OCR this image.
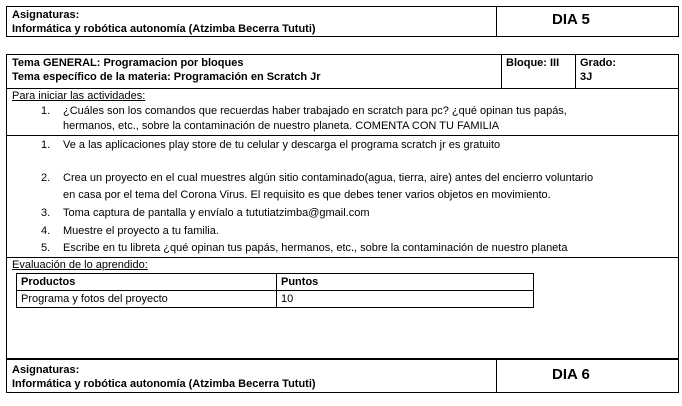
Asignaturas:
Informática y robótica autonomía (Atzimba Becerra Tututi)
DIA 5
Tema GENERAL: Programacion por bloques
Tema específico de la materia: Programación en Scratch Jr
Bloque: III Grado:
3J
Para iniciar las actividades:
1. ¿Cuáles son los comandos que recuerdas haber trabajado en scratch para pc? ¿qué opinan tus papás,
hermanos, etc., sobre la contaminación de nuestro planeta. COMENTA CON TU FAMILIA
1. Ve a las aplicaciones play store de tu celular y descarga el programa scratch jr es gratuito
2. Crea un proyecto en el cual muestres algún sitio contaminado(agua, tierra, aire) antes del encierro voluntario
en casa por el tema del Corona Virus. El requisito es que debes tener varios objetos en movimiento.
3. Toma captura de pantalla y envíalo a tututiatzimba@gmail.com
4. Muestre el proyecto a tu familia.
5. Escribe en tu libreta ¿qué opinan tus papás, hermanos, etc., sobre la contaminación de nuestro planeta
Evaluación de lo aprendido:
Productos	Puntos
Programa y fotos del proyecto	10
Asignaturas:
Informática y robótica autonomía (Atzimba Becerra Tututi)
DIA 6
